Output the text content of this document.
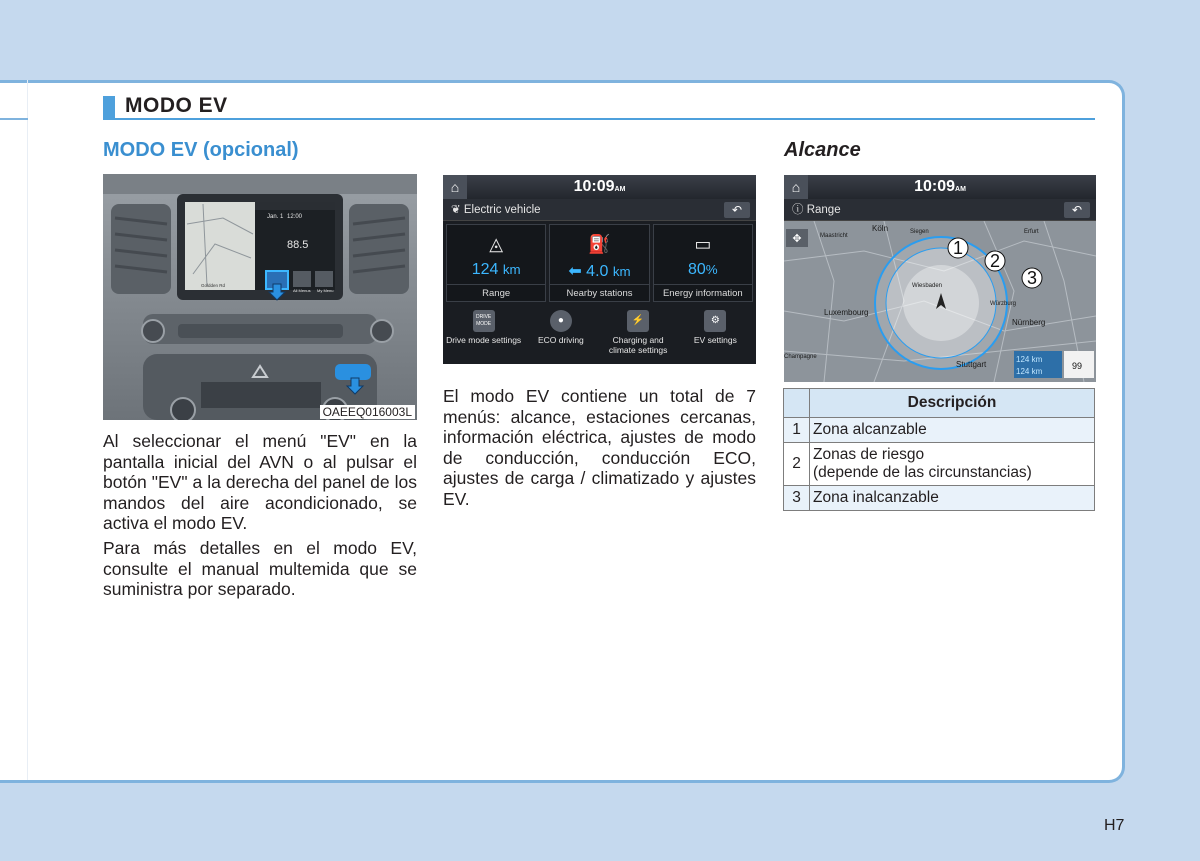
MODO EV
MODO EV (opcional)
Jan. 1 12:00
88.5
Goldden Rd
All Menus My Menu
OAEEQ016003L

Al seleccionar el menú "EV" en la pantalla inicial del AVN o al pulsar el botón "EV" a la derecha del panel de los mandos del aire acondicionado, se activa el modo EV.

Para más detalles en el modo EV, consulte el manual multemida que se suministra por separado.

⌂	10:09AM
❦ Electric vehicle	↶
◬
124 km
Range
⛽
⬅ 4.0 km
Nearby stations
▭
80%
Energy information
DRIVE MODE
Drive mode settings
●
ECO driving
⚡
Charging and climate settings
⚙
EV settings

El modo EV contiene un total de 7 menús: alcance, estaciones cercanas, información eléctrica, ajustes de modo de conducción, conducción ECO, ajustes de carga / climatizado y ajustes EV.

Alcance
⌂	10:09AM
ⓘ Range	↶
✥
Köln	Siegen
Maastricht
Luxembourg
Wiesbaden
Würzburg
Nürnberg
Stuttgart
Champagne
Erfurt
1
2
3
124 km
124 km
99
	Descripción
1	Zona alcanzable
2	Zonas de riesgo
(depende de las circunstancias)
3	Zona inalcanzable
H7
